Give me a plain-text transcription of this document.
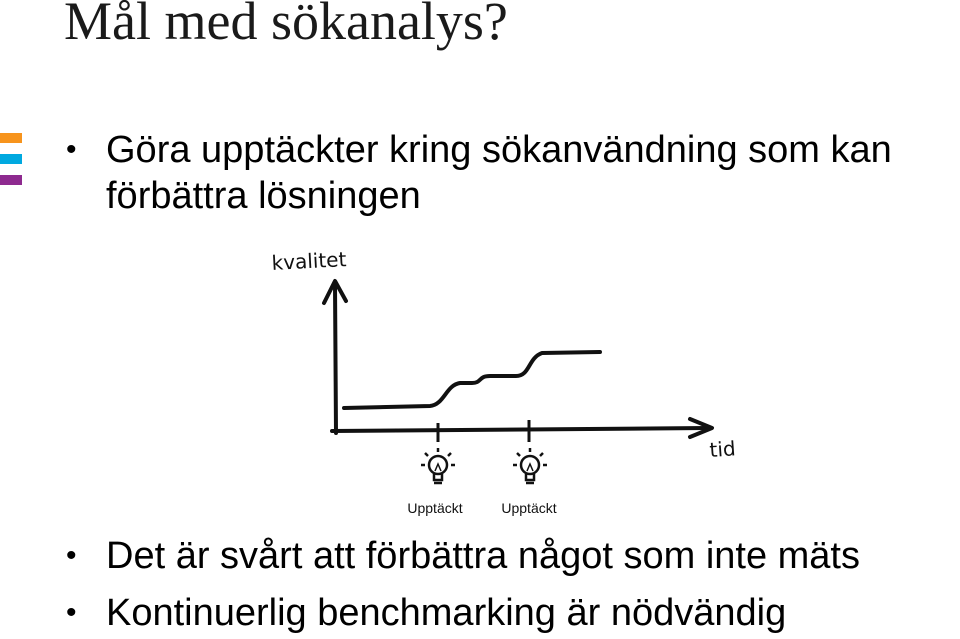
Mål med sökanalys?
• Göra upptäckter kring sökanvändning som kan förbättra lösningen
kvalitet
tid
Upptäckt	Upptäckt
• Det är svårt att förbättra något som inte mäts
• Kontinuerlig benchmarking är nödvändig
